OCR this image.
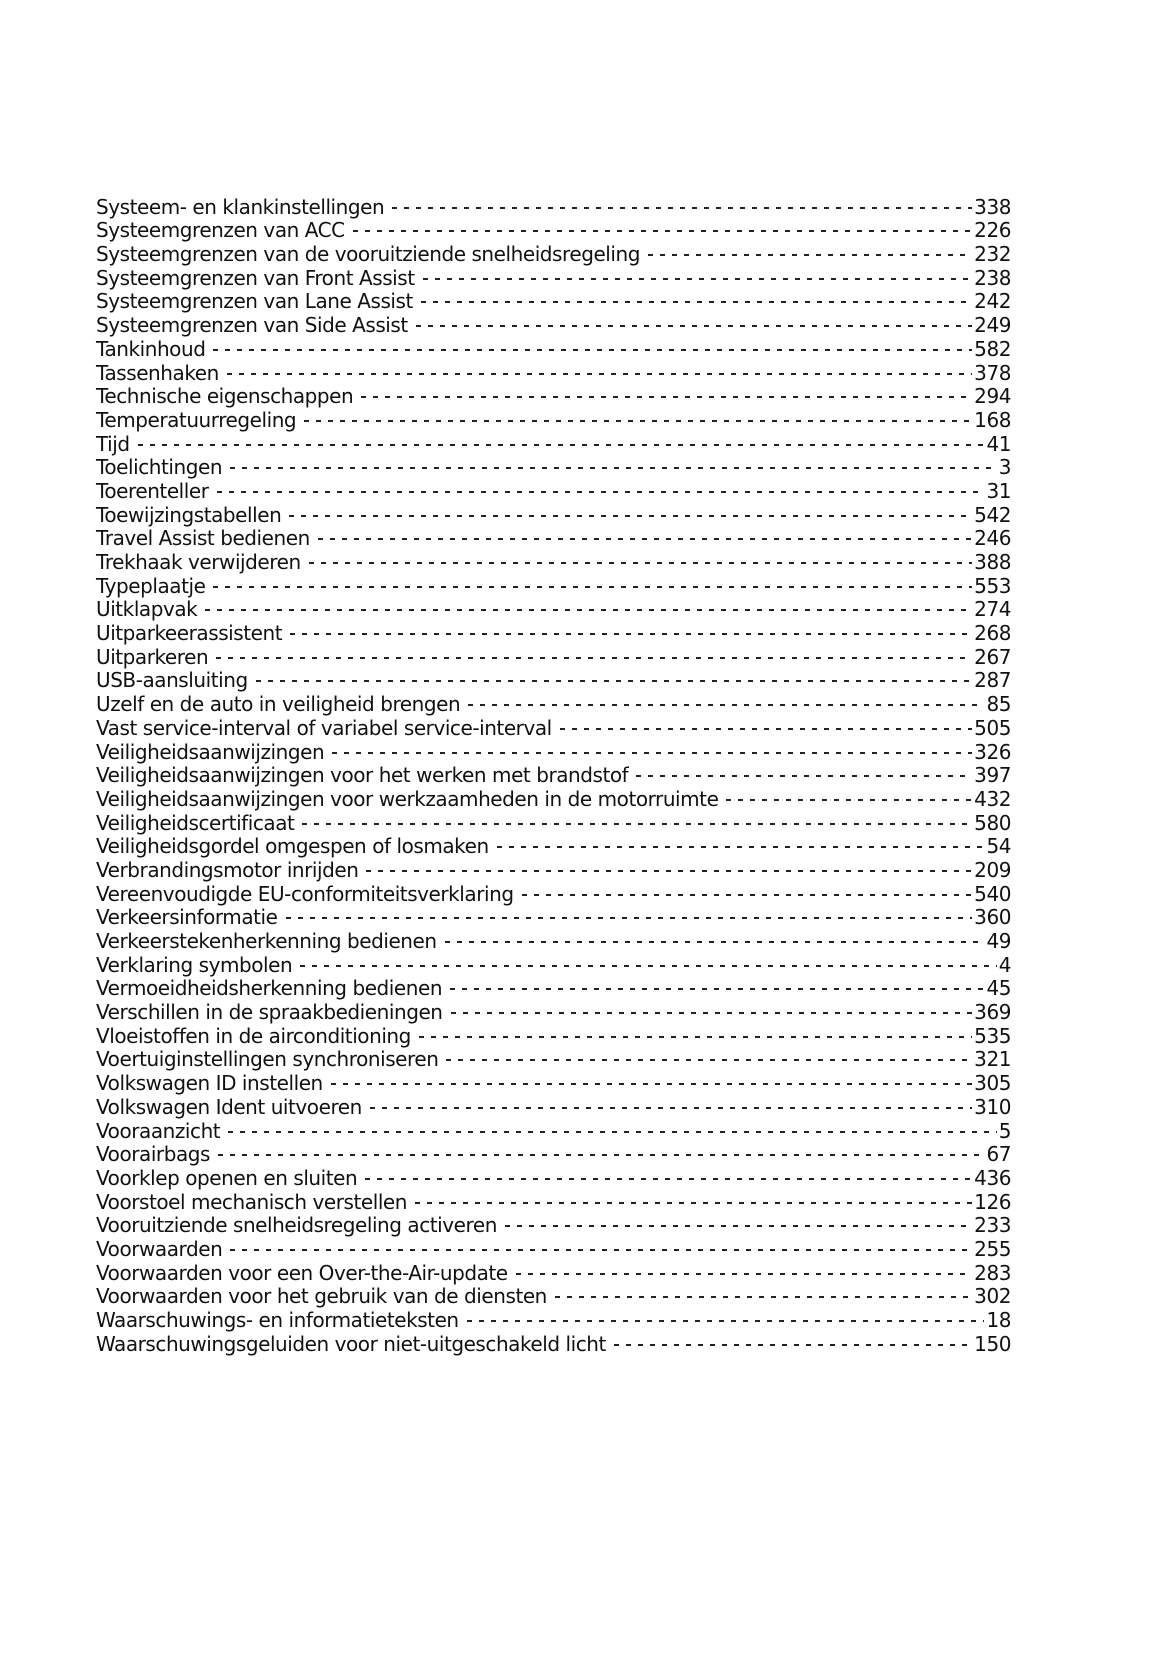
Systeem- en klankinstellingen	338
Systeemgrenzen van ACC	226
Systeemgrenzen van de vooruitziende snelheidsregeling	232
Systeemgrenzen van Front Assist	238
Systeemgrenzen van Lane Assist	242
Systeemgrenzen van Side Assist	249
Tankinhoud	582
Tassenhaken	378
Technische eigenschappen	294
Temperatuurregeling	168
Tijd	41
Toelichtingen	3
Toerenteller	31
Toewijzingstabellen	542
Travel Assist bedienen	246
Trekhaak verwijderen	388
Typeplaatje	553
Uitklapvak	274
Uitparkeerassistent	268
Uitparkeren	267
USB-aansluiting	287
Uzelf en de auto in veiligheid brengen	85
Vast service-interval of variabel service-interval	505
Veiligheidsaanwijzingen	326
Veiligheidsaanwijzingen voor het werken met brandstof	397
Veiligheidsaanwijzingen voor werkzaamheden in de motorruimte	432
Veiligheidscertificaat	580
Veiligheidsgordel omgespen of losmaken	54
Verbrandingsmotor inrijden	209
Vereenvoudigde EU-conformiteitsverklaring	540
Verkeersinformatie	360
Verkeerstekenherkenning bedienen	49
Verklaring symbolen	4
Vermoeidheidsherkenning bedienen	45
Verschillen in de spraakbedieningen	369
Vloeistoffen in de airconditioning	535
Voertuiginstellingen synchroniseren	321
Volkswagen ID instellen	305
Volkswagen Ident uitvoeren	310
Vooraanzicht	5
Voorairbags	67
Voorklep openen en sluiten	436
Voorstoel mechanisch verstellen	126
Vooruitziende snelheidsregeling activeren	233
Voorwaarden	255
Voorwaarden voor een Over-the-Air-update	283
Voorwaarden voor het gebruik van de diensten	302
Waarschuwings- en informatieteksten	18
Waarschuwingsgeluiden voor niet-uitgeschakeld licht	150
